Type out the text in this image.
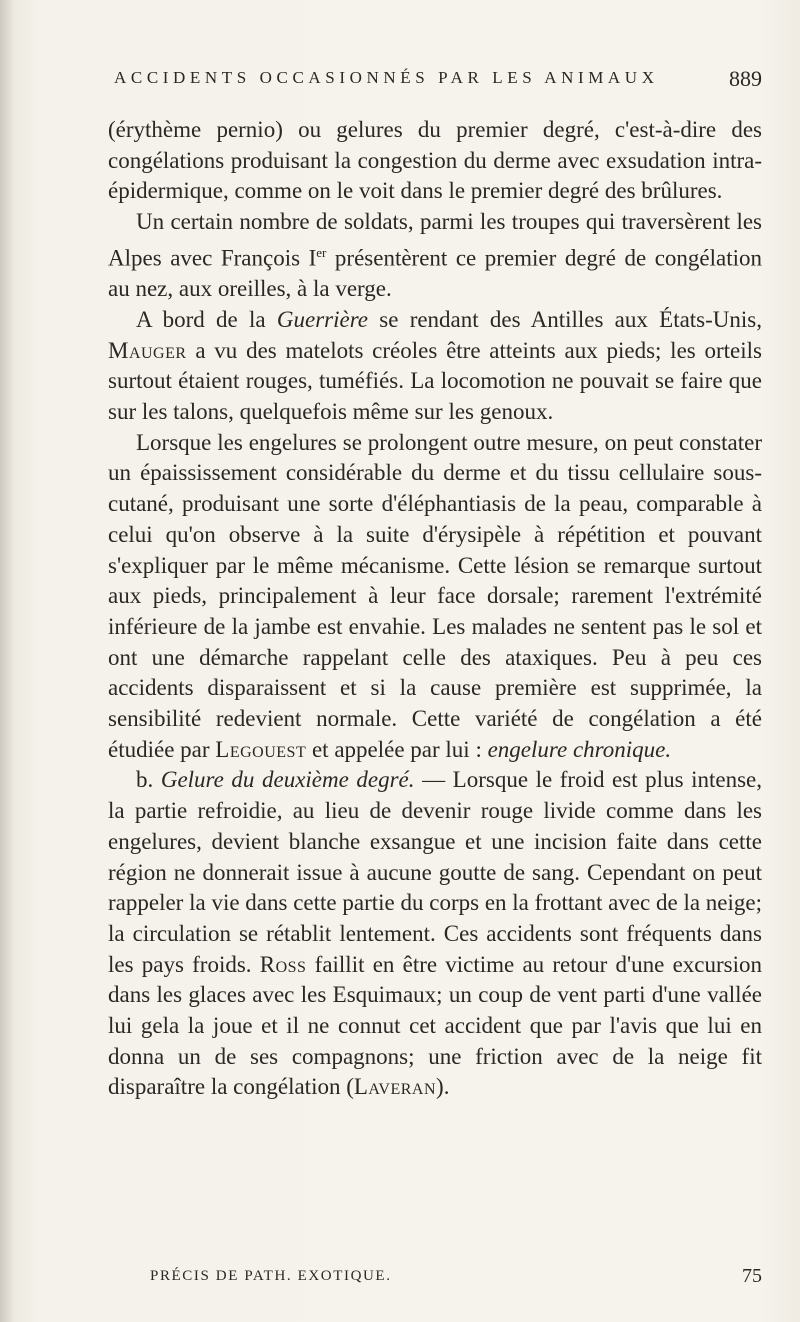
ACCIDENTS OCCASIONNÉS PAR LES ANIMAUX	889

(érythème pernio) ou gelures du premier degré, c'est-à-dire des congélations produisant la congestion du derme avec exsudation intra-épidermique, comme on le voit dans le premier degré des brûlures.

Un certain nombre de soldats, parmi les troupes qui traversèrent les Alpes avec François Ier présentèrent ce premier degré de congélation au nez, aux oreilles, à la verge.

A bord de la Guerrière se rendant des Antilles aux États-Unis, Mauger a vu des matelots créoles être atteints aux pieds; les orteils surtout étaient rouges, tuméfiés. La locomotion ne pouvait se faire que sur les talons, quelquefois même sur les genoux.

Lorsque les engelures se prolongent outre mesure, on peut constater un épaississement considérable du derme et du tissu cellulaire sous-cutané, produisant une sorte d'éléphantiasis de la peau, comparable à celui qu'on observe à la suite d'érysipèle à répétition et pouvant s'expliquer par le même mécanisme. Cette lésion se remarque surtout aux pieds, principalement à leur face dorsale; rarement l'extrémité inférieure de la jambe est envahie. Les malades ne sentent pas le sol et ont une démarche rappelant celle des ataxiques. Peu à peu ces accidents disparaissent et si la cause première est supprimée, la sensibilité redevient normale. Cette variété de congélation a été étudiée par Legouest et appelée par lui : engelure chronique.

b. Gelure du deuxième degré. — Lorsque le froid est plus intense, la partie refroidie, au lieu de devenir rouge livide comme dans les engelures, devient blanche exsangue et une incision faite dans cette région ne donnerait issue à aucune goutte de sang. Cependant on peut rappeler la vie dans cette partie du corps en la frottant avec de la neige; la circulation se rétablit lentement. Ces accidents sont fréquents dans les pays froids. Ross faillit en être victime au retour d'une excursion dans les glaces avec les Esquimaux; un coup de vent parti d'une vallée lui gela la joue et il ne connut cet accident que par l'avis que lui en donna un de ses compagnons; une friction avec de la neige fit disparaître la congélation (Laveran).

PRÉCIS DE PATH. EXOTIQUE.	75
